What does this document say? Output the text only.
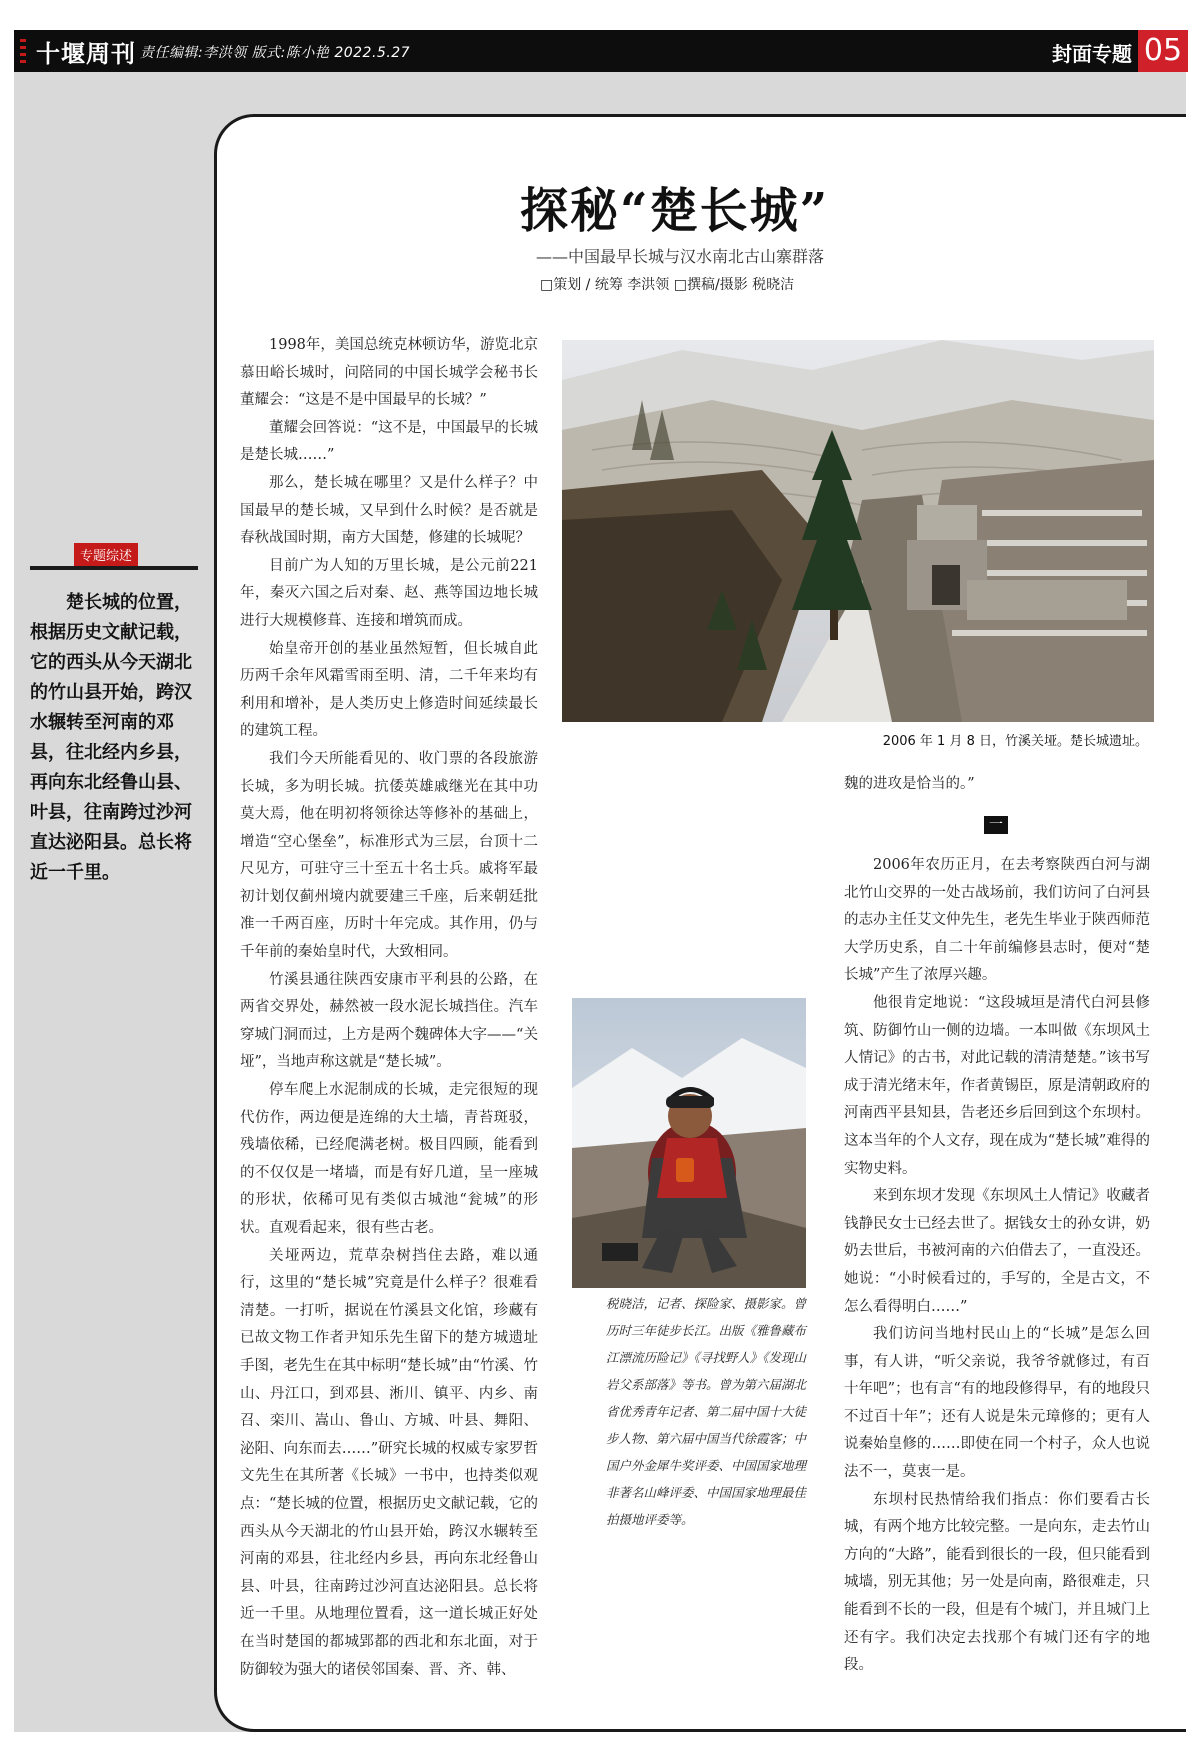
十堰周刊 责任编辑:李洪领 版式:陈小艳 2022.5.27	封面专题 05
探秘“楚长城”
——中国最早长城与汉水南北古山寨群落
□策划 / 统筹 李洪领 □撰稿/摄影 税晓洁
专题综述
楚长城的位置，根据历史文献记载，它的西头从今天湖北的竹山县开始，跨汉水辗转至河南的邓县，往北经内乡县，再向东北经鲁山县、叶县，往南跨过沙河直达泌阳县。总长将近一千里。

1998年，美国总统克林顿访华，游览北京慕田峪长城时，问陪同的中国长城学会秘书长董耀会：“这是不是中国最早的长城？”

董耀会回答说：“这不是，中国最早的长城是楚长城……”

那么，楚长城在哪里？又是什么样子？中国最早的楚长城，又早到什么时候？是否就是春秋战国时期，南方大国楚，修建的长城呢？

目前广为人知的万里长城，是公元前221年，秦灭六国之后对秦、赵、燕等国边地长城进行大规模修葺、连接和增筑而成。

始皇帝开创的基业虽然短暂，但长城自此历两千余年风霜雪雨至明、清，二千年来均有利用和增补，是人类历史上修造时间延续最长的建筑工程。

我们今天所能看见的、收门票的各段旅游长城，多为明长城。抗倭英雄戚继光在其中功莫大焉，他在明初将领徐达等修补的基础上，增造“空心堡垒”，标准形式为三层，台顶十二尺见方，可驻守三十至五十名士兵。戚将军最初计划仅蓟州境内就要建三千座，后来朝廷批准一千两百座，历时十年完成。其作用，仍与千年前的秦始皇时代，大致相同。

竹溪县通往陕西安康市平利县的公路，在两省交界处，赫然被一段水泥长城挡住。汽车穿城门洞而过，上方是两个魏碑体大字——“关垭”，当地声称这就是“楚长城”。

停车爬上水泥制成的长城，走完很短的现代仿作，两边便是连绵的大土墙，青苔斑驳，残墙依稀，已经爬满老树。极目四顾，能看到的不仅仅是一堵墙，而是有好几道，呈一座城的形状，依稀可见有类似古城池“瓮城”的形状。直观看起来，很有些古老。

关垭两边，荒草杂树挡住去路，难以通行，这里的“楚长城”究竟是什么样子？很难看清楚。一打听，据说在竹溪县文化馆，珍藏有已故文物工作者尹知乐先生留下的楚方城遗址手图，老先生在其中标明“楚长城”由“竹溪、竹山、丹江口，到邓县、淅川、镇平、内乡、南召、栾川、嵩山、鲁山、方城、叶县、舞阳、泌阳、向东而去……”研究长城的权威专家罗哲文先生在其所著《长城》一书中，也持类似观点：“楚长城的位置，根据历史文献记载，它的西头从今天湖北的竹山县开始，跨汉水辗转至河南的邓县，往北经内乡县，再向东北经鲁山县、叶县，往南跨过沙河直达泌阳县。总长将近一千里。从地理位置看，这一道长城正好处在当时楚国的都城郢都的西北和东北面，对于防御较为强大的诸侯邻国秦、晋、齐、韩、

2006 年 1 月 8 日，竹溪关垭。楚长城遗址。
魏的进攻是恰当的。”
一

2006年农历正月，在去考察陕西白河与湖北竹山交界的一处古战场前，我们访问了白河县的志办主任艾文仲先生，老先生毕业于陕西师范大学历史系，自二十年前编修县志时，便对“楚长城”产生了浓厚兴趣。

他很肯定地说：“这段城垣是清代白河县修筑、防御竹山一侧的边墙。一本叫做《东坝风土人情记》的古书，对此记载的清清楚楚。”该书写成于清光绪末年，作者黄锡臣，原是清朝政府的河南西平县知县，告老还乡后回到这个东坝村。这本当年的个人文存，现在成为“楚长城”难得的实物史料。

来到东坝才发现《东坝风土人情记》收藏者钱静民女士已经去世了。据钱女士的孙女讲，奶奶去世后，书被河南的六伯借去了，一直没还。她说：“小时候看过的，手写的，全是古文，不怎么看得明白……”

我们访问当地村民山上的“长城”是怎么回事，有人讲，“听父亲说，我爷爷就修过，有百十年吧”；也有言“有的地段修得早，有的地段只不过百十年”；还有人说是朱元璋修的；更有人说秦始皇修的……即使在同一个村子，众人也说法不一，莫衷一是。

东坝村民热情给我们指点：你们要看古长城，有两个地方比较完整。一是向东，走去竹山方向的“大路”，能看到很长的一段，但只能看到城墙，别无其他；另一处是向南，路很难走，只能看到不长的一段，但是有个城门，并且城门上还有字。我们决定去找那个有城门还有字的地段。

税晓洁，记者、探险家、摄影家。曾历时三年徒步长江。出版《雅鲁藏布江漂流历险记》《寻找野人》《发现山岩父系部落》等书。曾为第六届湖北省优秀青年记者、第二届中国十大徒步人物、第六届中国当代徐霞客；中国户外金犀牛奖评委、中国国家地理非著名山峰评委、中国国家地理最佳拍摄地评委等。
